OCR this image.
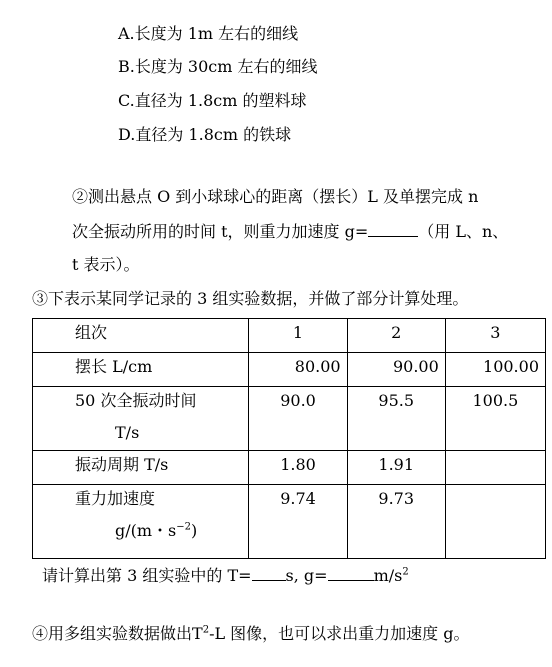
A.长度为 1m 左右的细线
B.长度为 30cm 左右的细线
C.直径为 1.8cm 的塑料球
D.直径为 1.8cm 的铁球
②测出悬点 O 到小球球心的距离（摆长）L 及单摆完成 n
次全振动所用的时间 t，则重力加速度 g=	（用 L、n、
t 表示）。
③下表示某同学记录的 3 组实验数据，并做了部分计算处理。
组次	1	2	3
摆长 L/cm	80.00	90.00	100.00
50 次全振动时间
T/s	90.0	95.5	100.5
振动周期 T/s	1.80	1.91	
重力加速度
g/(m・$s^{-2}$)	9.74	9.73	
请计算出第 3 组实验中的 T= s, g=	$m/s^2$
④用多组实验数据做出$T^2-L$ 图像，也可以求出重力加速度 g。
